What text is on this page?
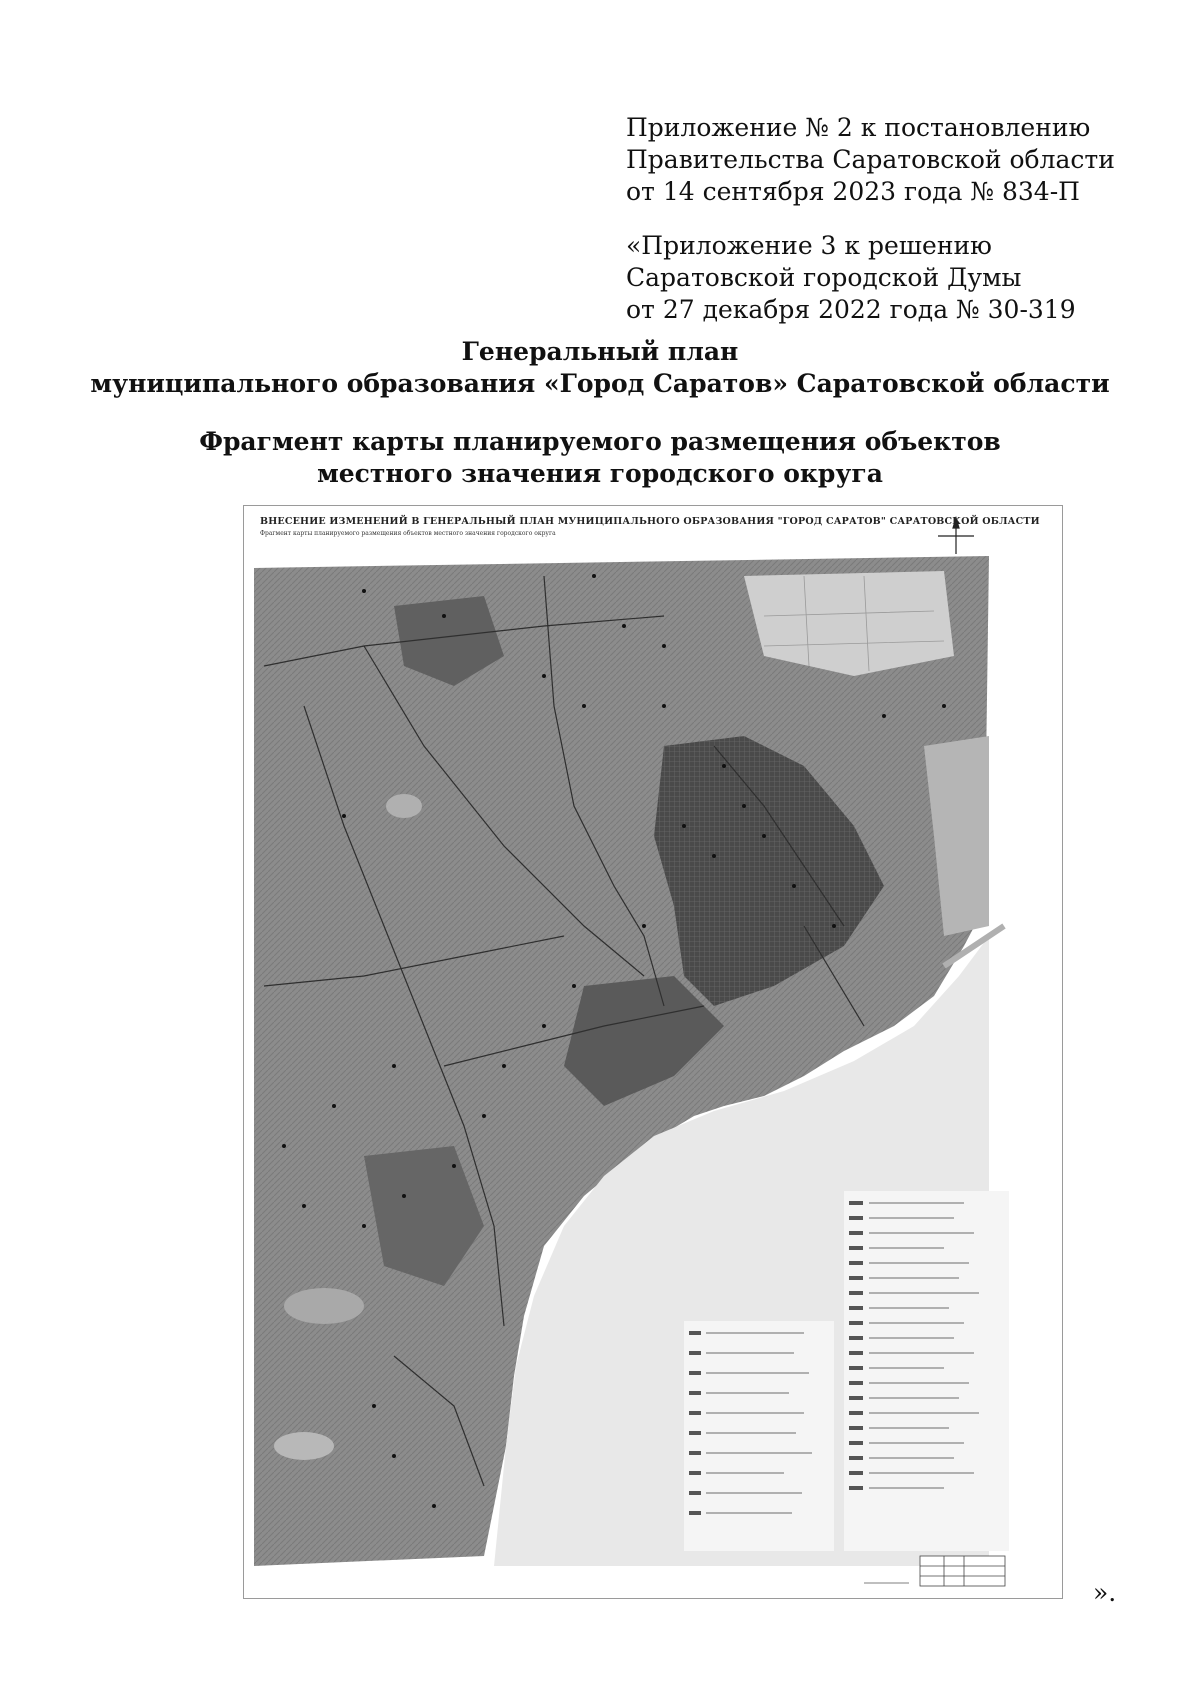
Приложение № 2 к постановлению
Правительства Саратовской области
от 14 сентября 2023 года № 834-П
«Приложение 3 к решению
Саратовской городской Думы
от 27 декабря 2022 года № 30-319
Генеральный план
муниципального образования «Город Саратов» Саратовской области
Фрагмент карты планируемого размещения объектов
местного значения городского округа
ВНЕСЕНИЕ ИЗМЕНЕНИЙ В ГЕНЕРАЛЬНЫЙ ПЛАН МУНИЦИПАЛЬНОГО ОБРАЗОВАНИЯ "ГОРОД САРАТОВ" САРАТОВСКОЙ ОБЛАСТИ
Фрагмент карты планируемого размещения объектов местного значения городского округа
».
